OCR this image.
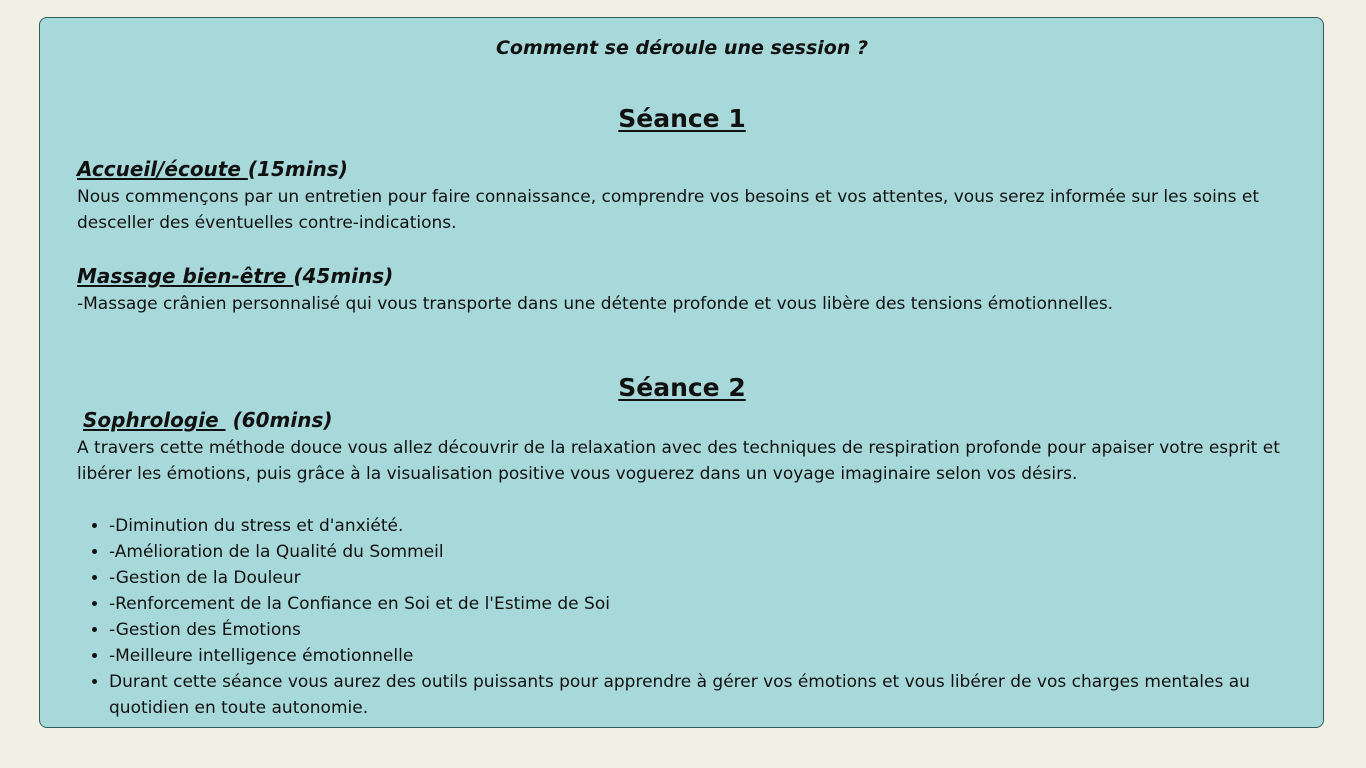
Comment se déroule une session ?
Séance 1
Accueil/écoute (15mins)
Nous commençons par un entretien pour faire connaissance, comprendre vos besoins et vos attentes, vous serez informée sur les soins et desceller des éventuelles contre-indications.
Massage bien-être (45mins)
-Massage crânien personnalisé qui vous transporte dans une détente profonde et vous libère des tensions émotionnelles.
Séance 2
Sophrologie  (60mins)
A travers cette méthode douce vous allez découvrir de la relaxation avec des techniques de respiration profonde pour apaiser votre esprit et libérer les émotions, puis grâce à la visualisation positive vous voguerez dans un voyage imaginaire selon vos désirs.
• -Diminution du stress et d'anxiété.
• -Amélioration de la Qualité du Sommeil
• -Gestion de la Douleur
• -Renforcement de la Confiance en Soi et de l'Estime de Soi
• -Gestion des Émotions
• -Meilleure intelligence émotionnelle
• Durant cette séance vous aurez des outils puissants pour apprendre à gérer vos émotions et vous libérer de vos charges mentales au quotidien en toute autonomie.
